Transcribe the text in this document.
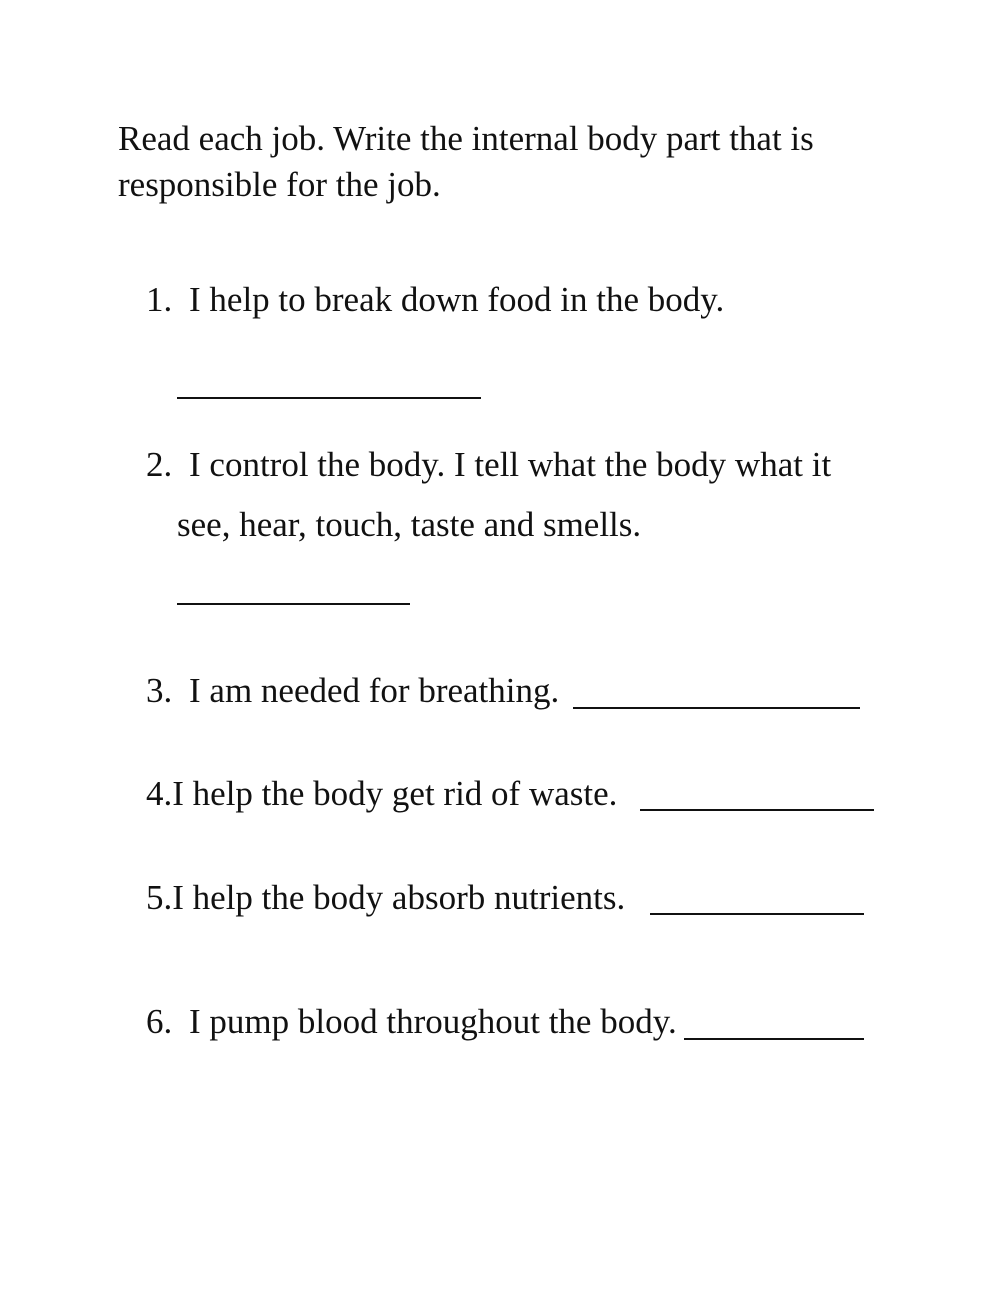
Read each job. Write the internal body part that is
responsible for the job.
1. I help to break down food in the body.
2. I control the body. I tell what the body what it
see, hear, touch, taste and smells.
3. I am needed for breathing.
4.I help the body get rid of waste.
5.I help the body absorb nutrients.
6. I pump blood throughout the body.
